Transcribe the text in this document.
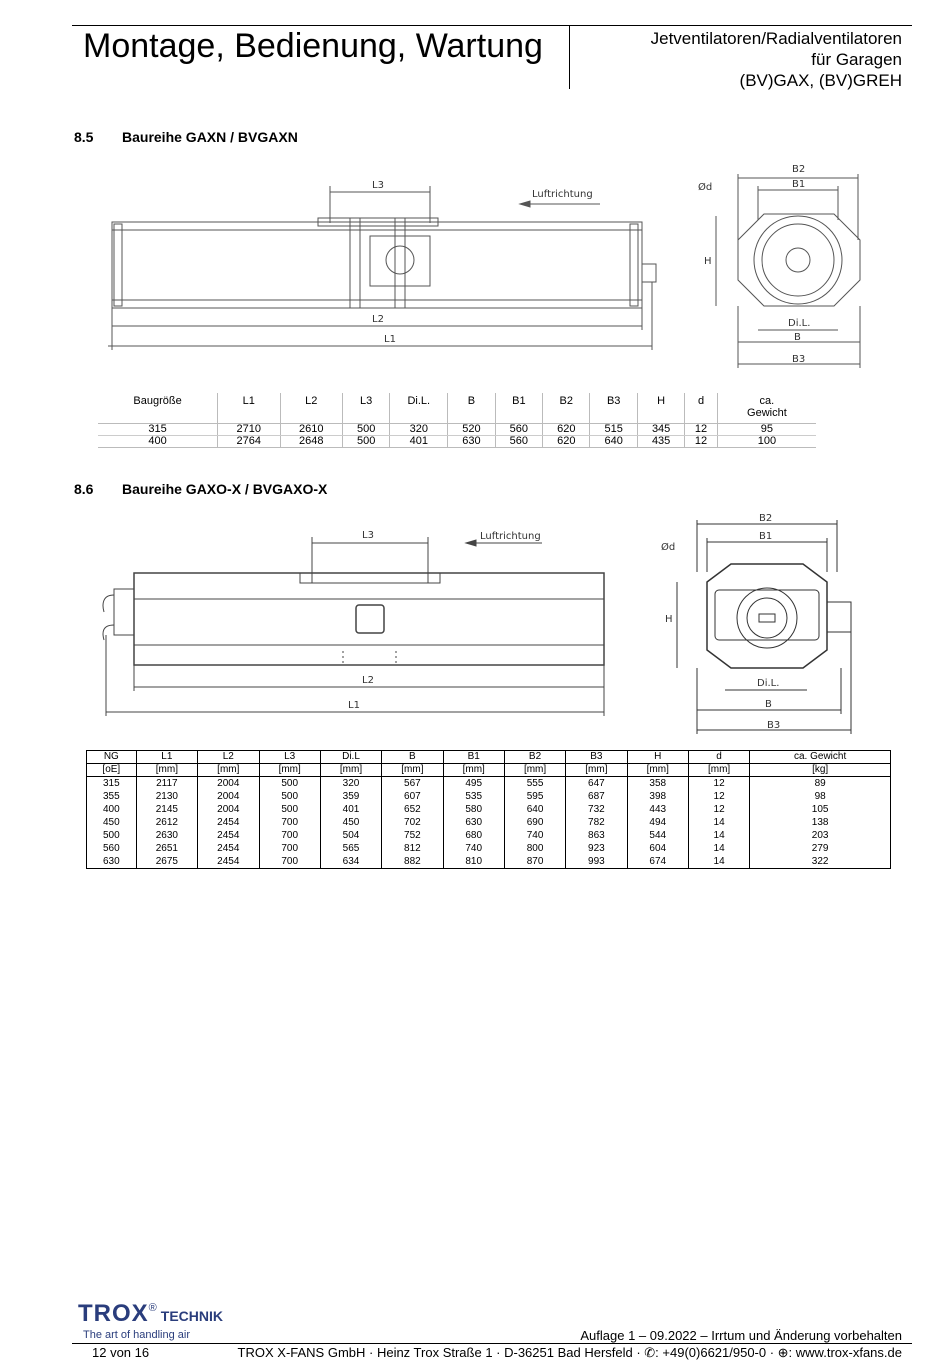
Montage, Bedienung, Wartung	Jetventilatoren/Radialventilatoren
für Garagen
(BV)GAX, (BV)GREH
8.5 Baureihe GAXN / BVGAXN
L3
Luftrichtung
L2
L1
B2
B1
Ød
H
Di.L.
B
B3
Baugröße	L1	L2	L3	Di.L.	B	B1	B2	B3	H	d	ca.
Gewicht
315	2710	2610	500	320	520	560	620	515	345	12	95
400	2764	2648	500	401	630	560	620	640	435	12	100
8.6 Baureihe GAXO-X / BVGAXO-X
L3	Luftrichtung
L2
L1
B2
B1
Ød
H
Di.L.
B
B3
NG	L1	L2	L3	Di.L	B	B1	B2	B3	H	d	ca. Gewicht
[oE]	[mm]	[mm]	[mm]	[mm]	[mm]	[mm]	[mm]	[mm]	[mm]	[mm]	[kg]
315	2117	2004	500	320	567	495	555	647	358	12	89
355	2130	2004	500	359	607	535	595	687	398	12	98
400	2145	2004	500	401	652	580	640	732	443	12	105
450	2612	2454	700	450	702	630	690	782	494	14	138
500	2630	2454	700	504	752	680	740	863	544	14	203
560	2651	2454	700	565	812	740	800	923	604	14	279
630	2675	2454	700	634	882	810	870	993	674	14	322
TROX® TECHNIK
The art of handling air	Auflage 1 – 09.2022 – Irrtum und Änderung vorbehalten
12 von 16	TROX X-FANS GmbH · Heinz Trox Straße 1 · D-36251 Bad Hersfeld · ✆: +49(0)6621/950-0 · ⊕: www.trox-xfans.de
